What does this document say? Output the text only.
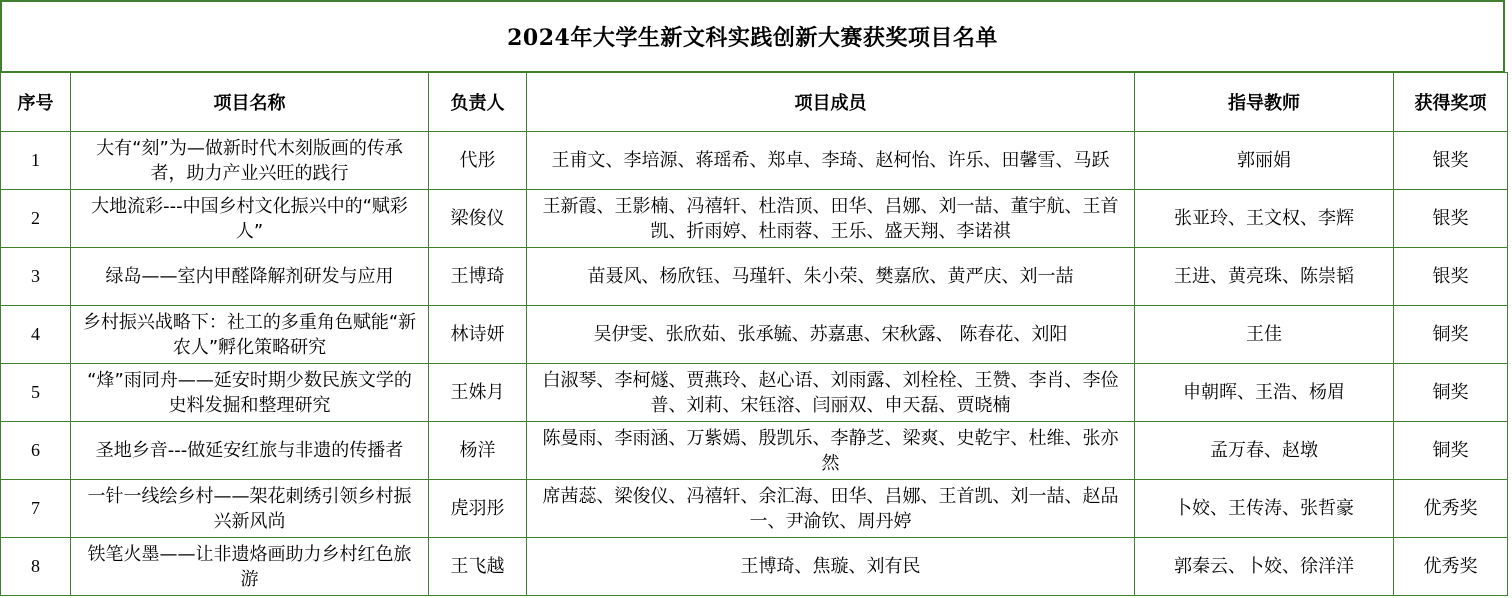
2024年大学生新文科实践创新大赛获奖项目名单
序号	项目名称	负责人	项目成员	指导教师	获得奖项
1	大有“刻”为—做新时代木刻版画的传承者，助力产业兴旺的践行	代彤	王甫文、李培源、蒋瑶希、郑卓、李琦、赵柯怡、许乐、田馨雪、马跃	郭丽娟	银奖
2	大地流彩---中国乡村文化振兴中的“赋彩人”	梁俊仪	王新霞、王影楠、冯禧轩、杜浩顶、田华、吕娜、刘一喆、董宇航、王首凯、折雨婷、杜雨蓉、王乐、盛天翔、李诺祺	张亚玲、王文权、李辉	银奖
3	绿岛——室内甲醛降解剂研发与应用	王博琦	苗聂风、杨欣钰、马瑾轩、朱小荣、樊嘉欣、黄严庆、刘一喆	王进、黄亮珠、陈崇韬	银奖
4	乡村振兴战略下：社工的多重角色赋能“新农人”孵化策略研究	林诗妍	吴伊雯、张欣茹、张承毓、苏嘉惠、宋秋露、 陈春花、刘阳	王佳	铜奖
5	“烽”雨同舟——延安时期少数民族文学的史料发掘和整理研究	王姝月	白淑琴、李柯燧、贾燕玲、赵心语、刘雨露、刘栓栓、王赞、李肖、李俭普、刘莉、宋钰溶、闫丽双、申天磊、贾晓楠	申朝晖、王浩、杨眉	铜奖
6	圣地乡音---做延安红旅与非遗的传播者	杨洋	陈曼雨、李雨涵、万紫嫣、殷凯乐、李静芝、梁爽、史乾宇、杜维、张亦然	孟万春、赵墩	铜奖
7	一针一线绘乡村——架花刺绣引领乡村振兴新风尚	虎羽彤	席茜蕊、梁俊仪、冯禧轩、余汇海、田华、吕娜、王首凯、刘一喆、赵品一、尹渝钦、周丹婷	卜姣、王传涛、张哲豪	优秀奖
8	铁笔火墨——让非遗烙画助力乡村红色旅游	王飞越	王博琦、焦璇、刘有民	郭秦云、卜姣、徐洋洋	优秀奖
